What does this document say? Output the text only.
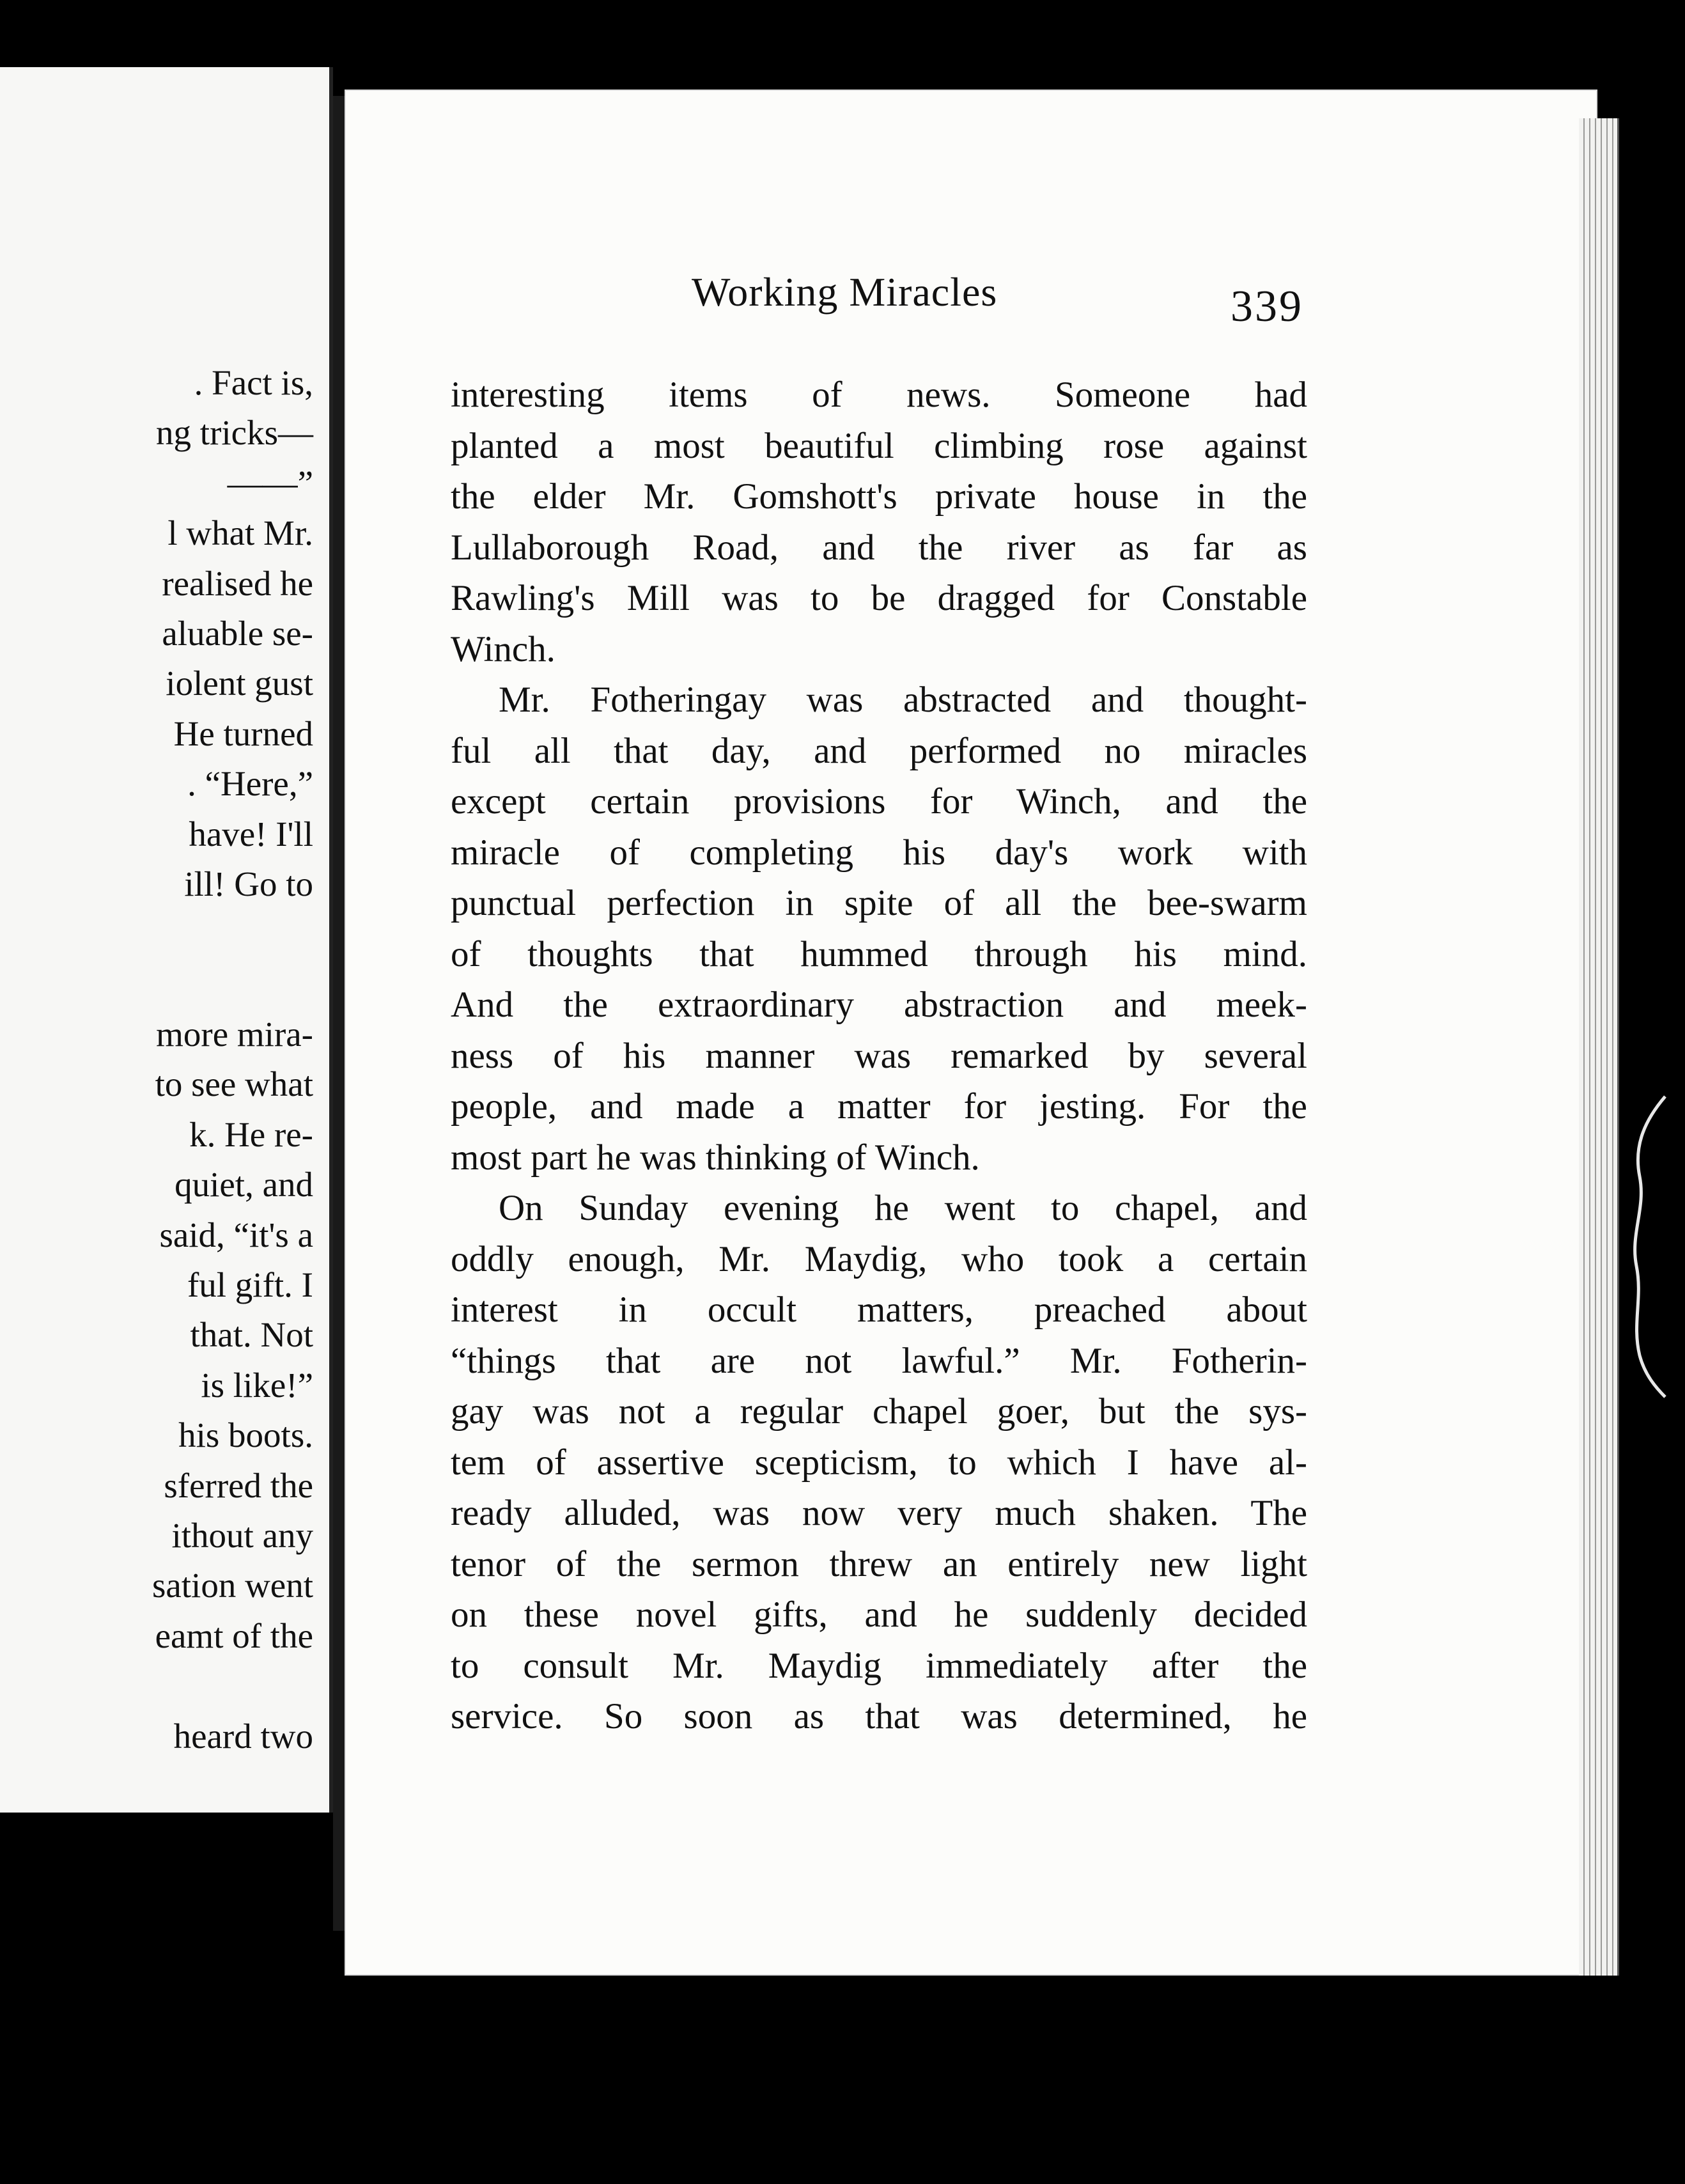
. Fact is,
ng tricks—
——”
l what Mr.
realised he
aluable se-
iolent gust
He turned
. “Here,”
have! I'll
ill! Go to
more mira-
to see what
k. He re-
quiet, and
said, “it's a
ful gift. I
that. Not
is like!”
his boots.
sferred the
ithout any
sation went
eamt of the
heard two
Working Miracles	339
interesting items of news. Someone had
planted a most beautiful climbing rose against
the elder Mr. Gomshott's private house in the
Lullaborough Road, and the river as far as
Rawling's Mill was to be dragged for Constable
Winch.
Mr. Fotheringay was abstracted and thought-
ful all that day, and performed no miracles
except certain provisions for Winch, and the
miracle of completing his day's work with
punctual perfection in spite of all the bee-swarm
of thoughts that hummed through his mind.
And the extraordinary abstraction and meek-
ness of his manner was remarked by several
people, and made a matter for jesting. For the
most part he was thinking of Winch.
On Sunday evening he went to chapel, and
oddly enough, Mr. Maydig, who took a certain
interest in occult matters, preached about
“things that are not lawful.” Mr. Fotherin-
gay was not a regular chapel goer, but the sys-
tem of assertive scepticism, to which I have al-
ready alluded, was now very much shaken. The
tenor of the sermon threw an entirely new light
on these novel gifts, and he suddenly decided
to consult Mr. Maydig immediately after the
service. So soon as that was determined, he
